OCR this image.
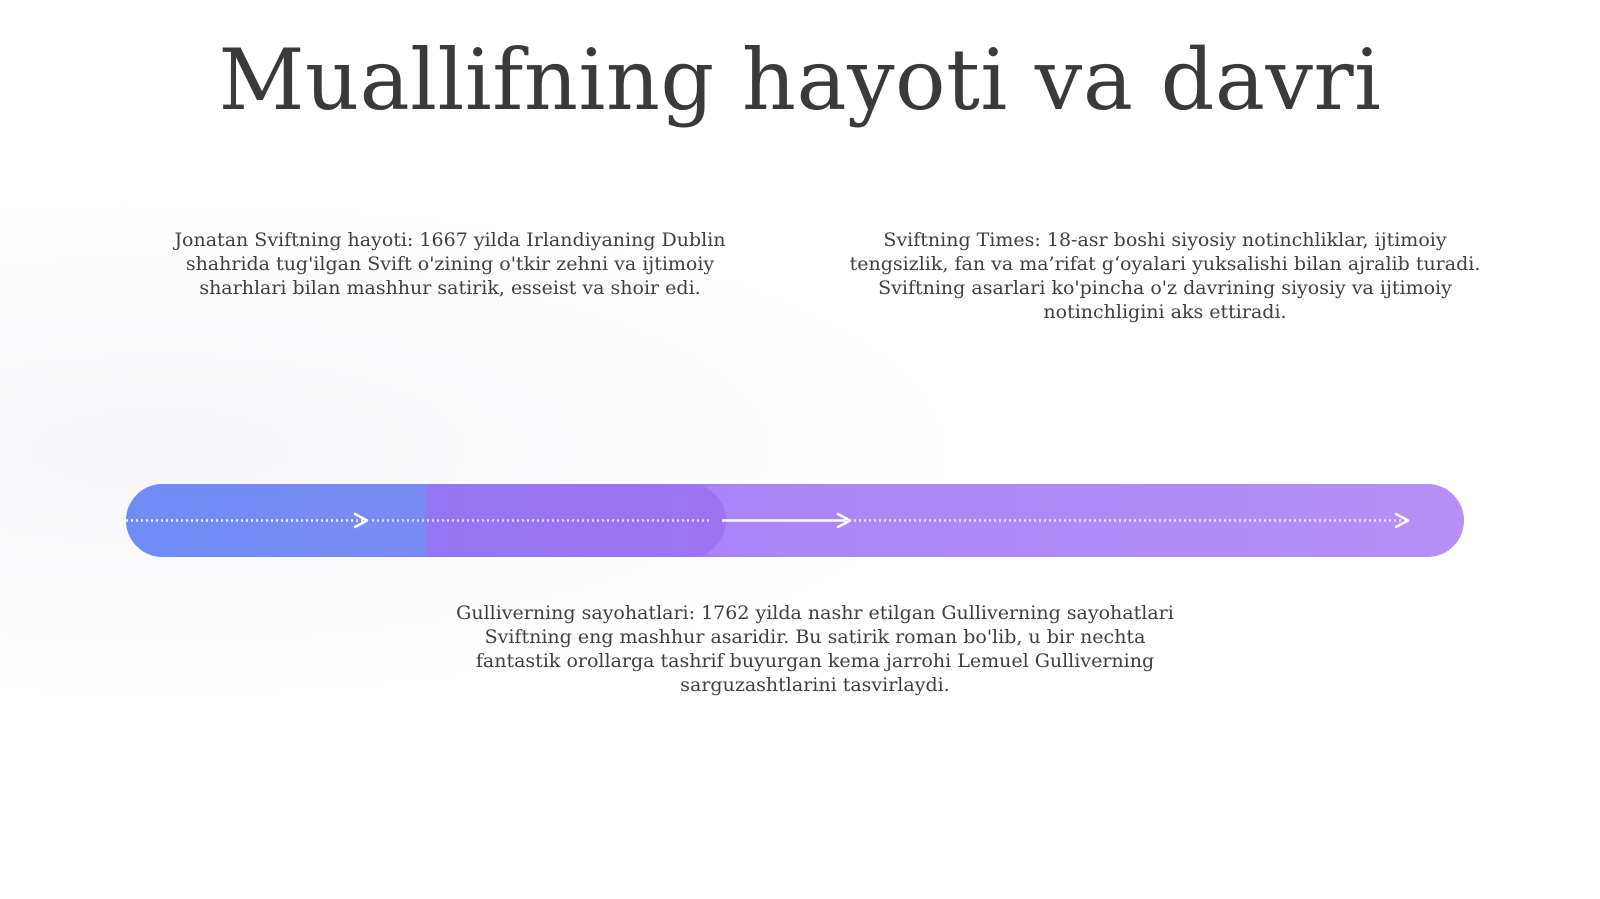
Muallifning hayoti va davri
Jonatan Sviftning hayoti: 1667 yilda Irlandiyaning Dublin shahrida tug'ilgan Svift o'zining o'tkir zehni va ijtimoiy sharhlari bilan mashhur satirik, esseist va shoir edi.
Sviftning Times: 18-asr boshi siyosiy notinchliklar, ijtimoiy tengsizlik, fan va ma’rifat g‘oyalari yuksalishi bilan ajralib turadi. Sviftning asarlari ko'pincha o'z davrining siyosiy va ijtimoiy notinchligini aks ettiradi.
Gulliverning sayohatlari: 1762 yilda nashr etilgan Gulliverning sayohatlari Sviftning eng mashhur asaridir. Bu satirik roman bo'lib, u bir nechta fantastik orollarga tashrif buyurgan kema jarrohi Lemuel Gulliverning sarguzashtlarini tasvirlaydi.
